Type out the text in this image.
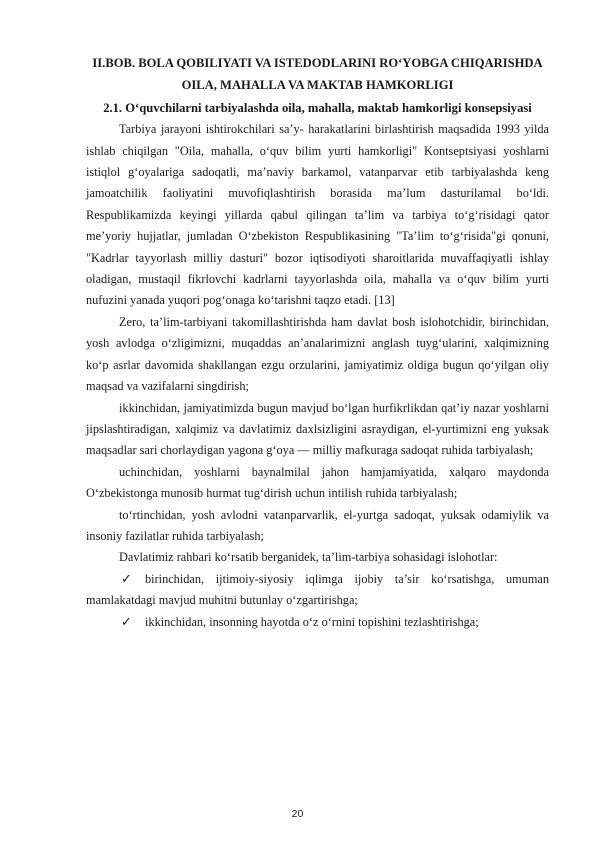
II.BOB. BOLA QOBILIYATI VA ISTEDODLARINI RO‘YOBGA CHIQARISHDA OILA, MAHALLA VA MAKTAB HAMKORLIGI

2.1. O‘quvchilarni tarbiyalashda oila, mahalla, maktab hamkorligi konsepsiyasi

Tarbiya jarayoni ishtirokchilari sa’y- harakatlarini birlashtirish maqsadida 1993 yilda ishlab chiqilgan "Oila, mahalla, o‘quv bilim yurti hamkorligi" Kontseptsiyasi yoshlarni istiqlol g‘oyalariga sadoqatli, ma’naviy barkamol, vatanparvar etib tarbiyalashda keng jamoatchilik faoliyatini muvofiqlashtirish borasida ma’lum dasturilamal bo‘ldi. Respublikamizda keyingi yillarda qabul qilingan ta’lim va tarbiya to‘g‘risidagi qator me’yoriy hujjatlar, jumladan O‘zbekiston Respublikasining "Ta’lim to‘g‘risida"gi qonuni, "Kadrlar tayyorlash milliy dasturi" bozor iqtisodiyoti sharoitlarida muvaffaqiyatli ishlay oladigan, mustaqil fikrlovchi kadrlarni tayyorlashda oila, mahalla va o‘quv bilim yurti nufuzini yanada yuqori pog‘onaga ko‘tarishni taqzo etadi. [13]

Zero, ta’lim-tarbiyani takomillashtirishda ham davlat bosh islohotchidir, birinchidan, yosh avlodga o‘zligimizni, muqaddas an’analarimizni anglash tuyg‘ularini, xalqimizning ko‘p asrlar davomida shakllangan ezgu orzularini, jamiyatimiz oldiga bugun qo‘yilgan oliy maqsad va vazifalarni singdirish;

ikkinchidan, jamiyatimizda bugun mavjud bo‘lgan hurfikrlikdan qat’iy nazar yoshlarni jipslashtiradigan, xalqimiz va davlatimiz daxlsizligini asraydigan, el-yurtimizni eng yuksak maqsadlar sari chorlaydigan yagona g‘oya — milliy mafkuraga sadoqat ruhida tarbiyalash;

uchinchidan, yoshlarni baynalmilal jahon hamjamiyatida, xalqaro maydonda O‘zbekistonga munosib hurmat tug‘dirish uchun intilish ruhida tarbiyalash;

to‘rtinchidan, yosh avlodni vatanparvarlik, el-yurtga sadoqat, yuksak odamiylik va insoniy fazilatlar ruhida tarbiyalash;

Davlatimiz rahbari ko‘rsatib berganidek, ta’lim-tarbiya sohasidagi islohotlar:

✓ birinchidan, ijtimoiy-siyosiy iqlimga ijobiy ta’sir ko‘rsatishga, umuman mamlakatdagi mavjud muhitni butunlay o‘zgartirishga;

✓ ikkinchidan, insonning hayotda o‘z o‘rnini topishini tezlashtirishga;

20
